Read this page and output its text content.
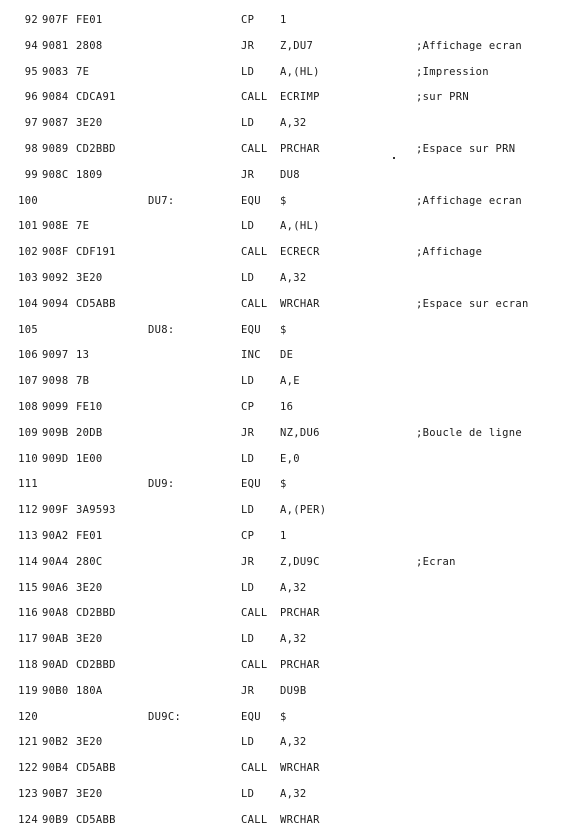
92 907F FE01	CP 1
94 9081 2808	JR Z,DU7	;Affichage ecran
95 9083 7E	LD A,(HL)	;Impression
96 9084 CDCA91	CALL ECRIMP	;sur PRN
97 9087 3E20	LD A,32
98 9089 CD2BBD	CALL PRCHAR	;Espace sur PRN
99 908C 1809	JR DU8
100	DU7:	EQU $	;Affichage ecran
101 908E 7E	LD A,(HL)
102 908F CDF191	CALL ECRECR	;Affichage
103 9092 3E20	LD A,32
104 9094 CD5ABB	CALL WRCHAR	;Espace sur ecran
105	DU8:	EQU $
106 9097 13	INC DE
107 9098 7B	LD A,E
108 9099 FE10	CP 16
109 909B 20DB	JR NZ,DU6	;Boucle de ligne
110 909D 1E00	LD E,0
111	DU9:	EQU $
112 909F 3A9593	LD A,(PER)
113 90A2 FE01	CP 1
114 90A4 280C	JR Z,DU9C	;Ecran
115 90A6 3E20	LD A,32
116 90A8 CD2BBD	CALL PRCHAR
117 90AB 3E20	LD A,32
118 90AD CD2BBD	CALL PRCHAR
119 90B0 180A	JR DU9B
120	DU9C:	EQU $
121 90B2 3E20	LD A,32
122 90B4 CD5ABB	CALL WRCHAR
123 90B7 3E20	LD A,32
124 90B9 CD5ABB	CALL WRCHAR
